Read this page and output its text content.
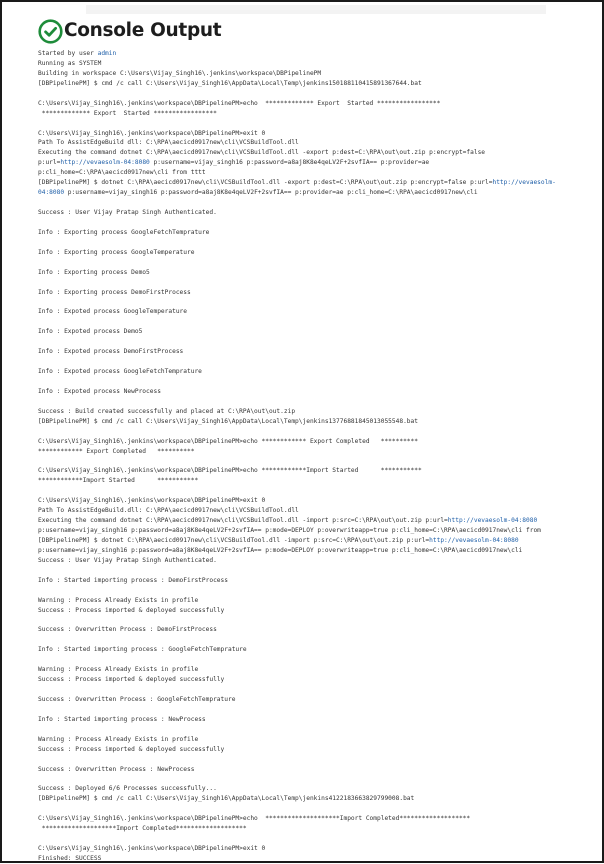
Console Output
Started by user admin
Running as SYSTEM
Building in workspace C:\Users\Vijay_Singh16\.jenkins\workspace\DBPipelinePM
[DBPipelinePM] $ cmd /c call C:\Users\Vijay_Singh16\AppData\Local\Temp\jenkins150188110415891367644.bat
C:\Users\Vijay_Singh16\.jenkins\workspace\DBPipelinePM>echo  ************* Export  Started *****************
************* Export  Started *****************
C:\Users\Vijay_Singh16\.jenkins\workspace\DBPipelinePM>exit 0
Path To AssistEdgeBuild dll: C:\RPA\aecicd0917new\cli\VCSBuildTool.dll
Executing the command dotnet C:\RPA\aecicd0917new\cli\VCSBuildTool.dll -export p:dest=C:\RPA\out\out.zip p:encrypt=false
p:url=http://vevaesolm-04:8080 p:username=vijay_singh16 p:password=a8aj8K8e4qeLV2F+2svfIA== p:provider=ae
p:cli_home=C:\RPA\aecicd0917new\cli from tttt
[DBPipelinePM] $ dotnet C:\RPA\aecicd0917new\cli\VCSBuildTool.dll -export p:dest=C:\RPA\out\out.zip p:encrypt=false p:url=http://vevaesolm-
04:8080 p:username=vijay_singh16 p:password=a8aj8K8e4qeLV2F+2svfIA== p:provider=ae p:cli_home=C:\RPA\aecicd0917new\cli
Success : User Vijay Pratap Singh Authenticated.
Info : Exporting process GoogleFetchTemprature
Info : Exporting process GoogleTemperature
Info : Exporting process Demo5
Info : Exporting process DemoFirstProcess
Info : Expoted process GoogleTemperature
Info : Expoted process Demo5
Info : Expoted process DemoFirstProcess
Info : Expoted process GoogleFetchTemprature
Info : Expoted process NewProcess
Success : Build created successfully and placed at C:\RPA\out\out.zip
[DBPipelinePM] $ cmd /c call C:\Users\Vijay_Singh16\AppData\Local\Temp\jenkins13776881845013055548.bat
C:\Users\Vijay_Singh16\.jenkins\workspace\DBPipelinePM>echo ************ Export Completed   **********
************ Export Completed   **********
C:\Users\Vijay_Singh16\.jenkins\workspace\DBPipelinePM>echo ************Import Started      ***********
************Import Started      ***********
C:\Users\Vijay_Singh16\.jenkins\workspace\DBPipelinePM>exit 0
Path To AssistEdgeBuild.dll: C:\RPA\aecicd0917new\cli\VCSBuildTool.dll
Executing the command dotnet C:\RPA\aecicd0917new\cli\VCSBuildTool.dll -import p:src=C:\RPA\out\out.zip p:url=http://vevaesolm-04:8080
p:username=vijay_singh16 p:password=a8aj8K8e4qeLV2F+2svfIA== p:mode=DEPLOY p:overwriteapp=true p:cli_home=C:\RPA\aecicd0917new\cli from
[DBPipelinePM] $ dotnet C:\RPA\aecicd0917new\cli\VCSBuildTool.dll -import p:src=C:\RPA\out\out.zip p:url=http://vevaesolm-04:8080
p:username=vijay_singh16 p:password=a8aj8K8e4qeLV2F+2svfIA== p:mode=DEPLOY p:overwriteapp=true p:cli_home=C:\RPA\aecicd0917new\cli
Success : User Vijay Pratap Singh Authenticated.
Info : Started importing process : DemoFirstProcess
Warning : Process Already Exists in profile
Success : Process imported & deployed successfully
Success : Overwritten Process : DemoFirstProcess
Info : Started importing process : GoogleFetchTemprature
Warning : Process Already Exists in profile
Success : Process imported & deployed successfully
Success : Overwritten Process : GoogleFetchTemprature
Info : Started importing process : NewProcess
Warning : Process Already Exists in profile
Success : Process imported & deployed successfully
Success : Overwritten Process : NewProcess
Success : Deployed 6/6 Processes successfully...
[DBPipelinePM] $ cmd /c call C:\Users\Vijay_Singh16\AppData\Local\Temp\jenkins4122183663829799008.bat
C:\Users\Vijay_Singh16\.jenkins\workspace\DBPipelinePM>echo  ********************Import Completed*******************
********************Import Completed*******************
C:\Users\Vijay_Singh16\.jenkins\workspace\DBPipelinePM>exit 0
Finished: SUCCESS
